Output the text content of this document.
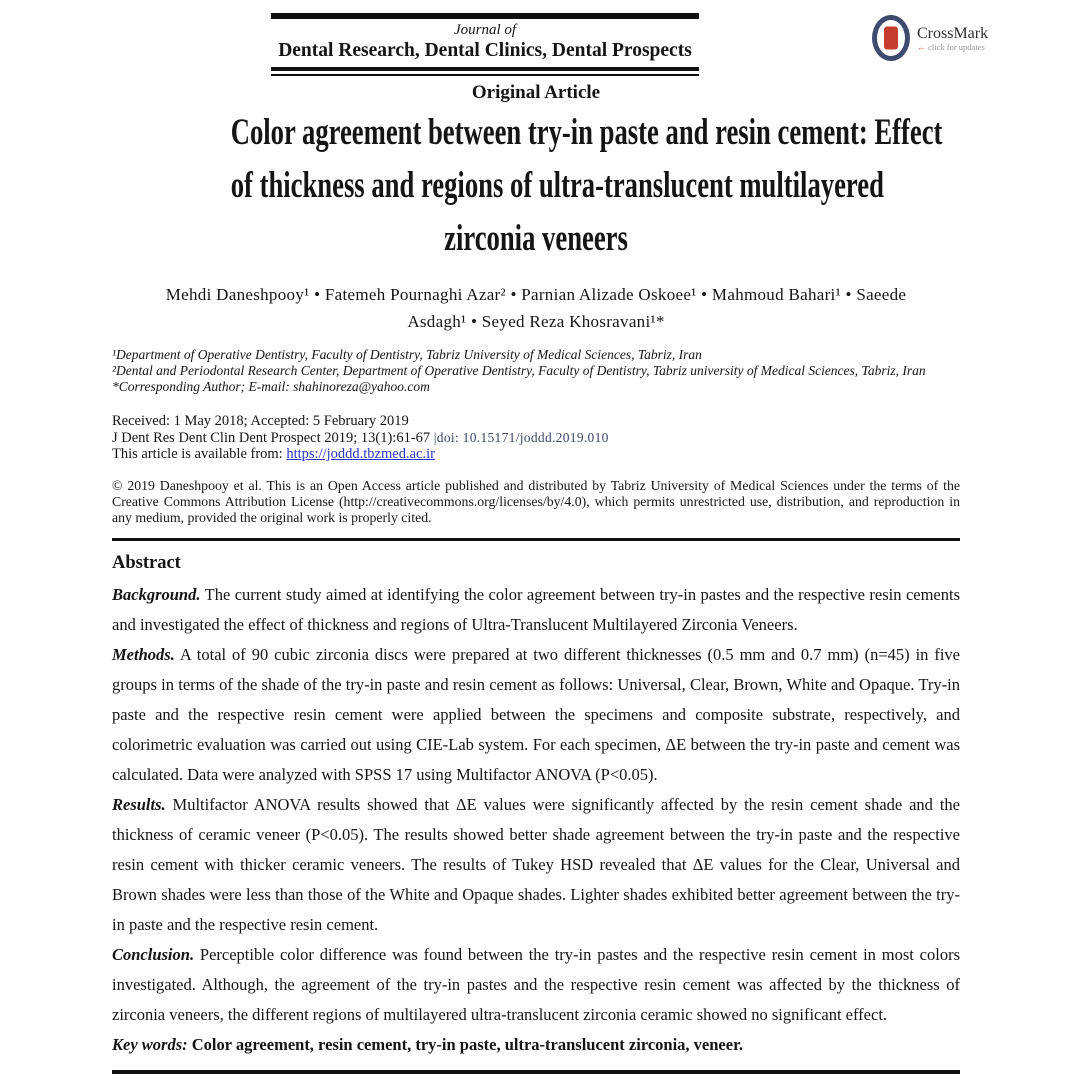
Journal of
Dental Research, Dental Clinics, Dental Prospects
CrossMark
← click for updates
Original Article
Color agreement between try-in paste and resin cement: Effect
of thickness and regions of ultra-translucent multilayered
zirconia veneers
Mehdi Daneshpooy¹ • Fatemeh Pournaghi Azar² • Parnian Alizade Oskoee¹ • Mahmoud Bahari¹ • Saeede
Asdagh¹ • Seyed Reza Khosravani¹*
¹Department of Operative Dentistry, Faculty of Dentistry, Tabriz University of Medical Sciences, Tabriz, Iran
²Dental and Periodontal Research Center, Department of Operative Dentistry, Faculty of Dentistry, Tabriz university of Medical Sciences, Tabriz, Iran
*Corresponding Author; E-mail: shahinoreza@yahoo.com
Received: 1 May 2018; Accepted: 5 February 2019
J Dent Res Dent Clin Dent Prospect 2019; 13(1):61-67 |doi: 10.15171/joddd.2019.010
This article is available from: https://joddd.tbzmed.ac.ir
© 2019 Daneshpooy et al. This is an Open Access article published and distributed by Tabriz University of Medical Sciences under the terms of the Creative Commons Attribution License (http://creativecommons.org/licenses/by/4.0), which permits unrestricted use, distribution, and reproduction in any medium, provided the original work is properly cited.
Abstract

Background. The current study aimed at identifying the color agreement between try-in pastes and the respective resin cements and investigated the effect of thickness and regions of Ultra-Translucent Multilayered Zirconia Veneers.

Methods. A total of 90 cubic zirconia discs were prepared at two different thicknesses (0.5 mm and 0.7 mm) (n=45) in five groups in terms of the shade of the try-in paste and resin cement as follows: Universal, Clear, Brown, White and Opaque. Try-in paste and the respective resin cement were applied between the specimens and composite substrate, respectively, and colorimetric evaluation was carried out using CIE-Lab system. For each specimen, ΔE between the try-in paste and cement was calculated. Data were analyzed with SPSS 17 using Multifactor ANOVA (P<0.05).

Results. Multifactor ANOVA results showed that ΔE values were significantly affected by the resin cement shade and the thickness of ceramic veneer (P<0.05). The results showed better shade agreement between the try-in paste and the respective resin cement with thicker ceramic veneers. The results of Tukey HSD revealed that ΔE values for the Clear, Universal and Brown shades were less than those of the White and Opaque shades. Lighter shades exhibited better agreement between the try-in paste and the respective resin cement.

Conclusion. Perceptible color difference was found between the try-in pastes and the respective resin cement in most colors investigated. Although, the agreement of the try-in pastes and the respective resin cement was affected by the thickness of zirconia veneers, the different regions of multilayered ultra-translucent zirconia ceramic showed no significant effect.

Key words: Color agreement, resin cement, try-in paste, ultra-translucent zirconia, veneer.
